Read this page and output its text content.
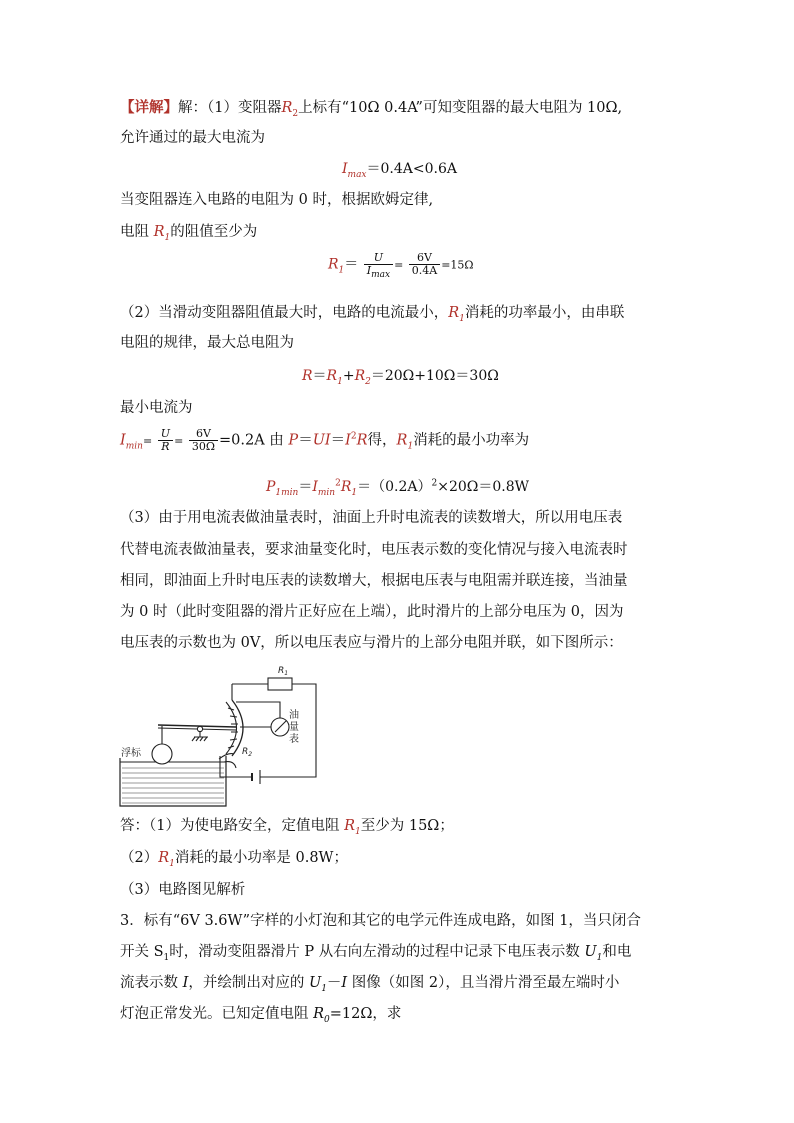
【详解】解：（1）变阻器$R_2$上标有“10Ω 0.4A”可知变阻器的最大电阻为 10Ω,
允许通过的最大电流为
$I_{max}=0.4A<0.6A$
当变阻器连入电路的电阻为 0 时，根据欧姆定律,
电阻 $R_1$的阻值至少为
$R_1= \frac{U}{I_{max}} = \frac{6V}{0.4A} =15\Omega$
（2）当滑动变阻器阻值最大时，电路的电流最小，$R_1$消耗的功率最小，由串联
电阻的规律，最大总电阻为
$R=R_1+R_2=20\Omega+10\Omega=30\Omega$
最小电流为
$I_{min}= \frac{U}{R} = \frac{6V}{30\Omega} =0.2A$ 由 $P=UI=I^2R$得，$R_1$消耗的最小功率为
$P_{1min}=I_{min}^2R_1=(0.2A)^2\times 20\Omega=0.8W$
（3）由于用电流表做油量表时，油面上升时电流表的读数增大，所以用电压表
代替电流表做油量表，要求油量变化时，电压表示数的变化情况与接入电流表时
相同，即油面上升时电压表的读数增大，根据电压表与电阻需并联连接，当油量
为 0 时（此时变阻器的滑片正好应在上端），此时滑片的上部分电压为 0，因为
电压表的示数也为 0V，所以电压表应与滑片的上部分电阻并联，如下图所示：
$R_1$
$R_2$
油
量
表
浮标
答：（1）为使电路安全，定值电阻 $R_1$至少为 15Ω；
$(2)R_1$消耗的最小功率是 0.8W；
（3）电路图见解析
3．标有“6V 3.6W”字样的小灯泡和其它的电学元件连成电路，如图 1，当只闭合
开关 $S_1$时，滑动变阻器滑片 P 从右向左滑动的过程中记录下电压表示数 $U_1$和电
流表示数 I，并绘制出对应的 $U_1-I$ 图像（如图 2），且当滑片滑至最左端时小
灯泡正常发光。已知定值电阻 $R_0=12\Omega$，求
